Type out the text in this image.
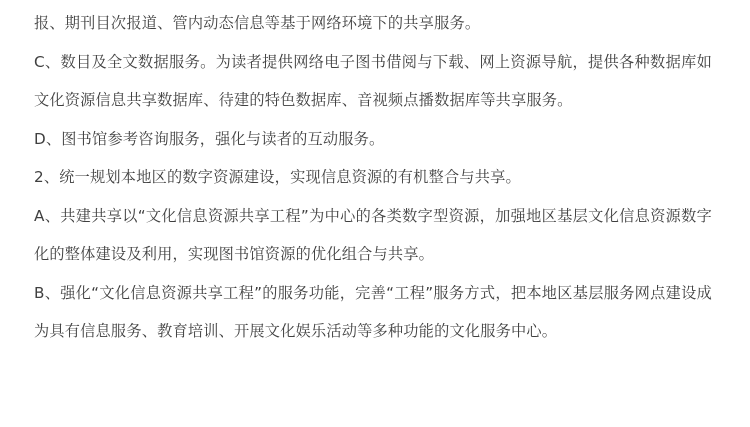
报、期刊目次报道、管内动态信息等基于网络环境下的共享服务。

C、数目及全文数据服务。为读者提供网络电子图书借阅与下载、网上资源导航，提供各种数据库如文化资源信息共享数据库、待建的特色数据库、音视频点播数据库等共享服务。

D、图书馆参考咨询服务，强化与读者的互动服务。

2、统一规划本地区的数字资源建设，实现信息资源的有机整合与共享。

A、共建共享以“文化信息资源共享工程”为中心的各类数字型资源，加强地区基层文化信息资源数字化的整体建设及利用，实现图书馆资源的优化组合与共享。

B、强化“文化信息资源共享工程”的服务功能，完善“工程”服务方式，把本地区基层服务网点建设成为具有信息服务、教育培训、开展文化娱乐活动等多种功能的文化服务中心。
